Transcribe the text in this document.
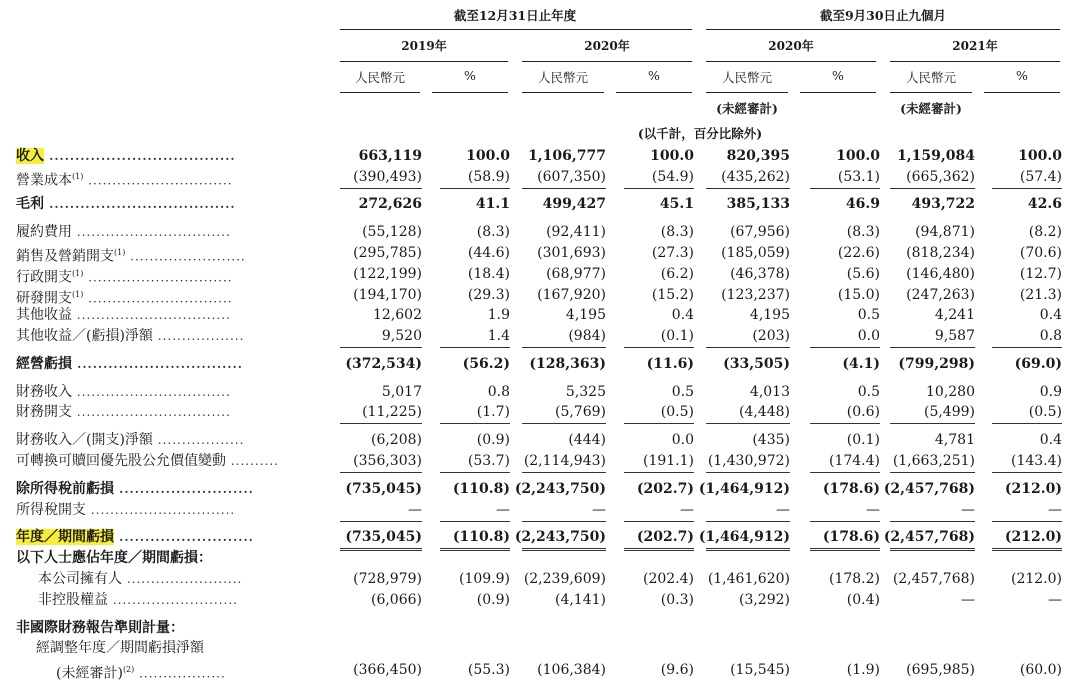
截至12月31日止年度	截至9月30日止九個月
2019年	2020年	2020年	2021年
人民幣元	%	人民幣元	%	人民幣元	%	人民幣元	%
(未經審計)	(未經審計)
(以千計，百分比除外)
收入 ....................................	663,119	100.0 1,106,777	100.0 820,395	100.0 1,159,084	100.0
營業成本$^{(1)}$ ..............................	(390,493)	(58.9) (607,350)	(54.9) (435,262)	(53.1) (665,362)	(57.4)
毛利 ....................................	272,626	41.1 499,427	45.1 385,133	46.9 493,722	42.6
履約費用 ................................	(55,128)	(8.3)	(92,411)	(8.3)	(67,956)	(8.3)	(94,871)	(8.2)
銷售及營銷開支$^{(1)}$ ........................	(295,785)	(44.6) (301,693)	(27.3) (185,059)	(22.6) (818,234)	(70.6)
行政開支$^{(1)}$ ..............................	(122,199)	(18.4)	(68,977)	(6.2)	(46,378)	(5.6) (146,480)	(12.7)
研發開支$^{(1)}$ ..............................	(194,170)	(29.3) (167,920)	(15.2) (123,237)	(15.0) (247,263)	(21.3)
其他收益 ................................	12,602	1.9	4,195	0.4	4,195	0.5	4,241	0.4
其他收益／(虧損)淨額 ..................	9,520	1.4	(984)	(0.1)	(203)	0.0	9,587	0.8
經營虧損 ................................	(372,534)	(56.2) (128,363)	(11.6) (33,505)	(4.1) (799,298)	(69.0)
財務收入 ................................	5,017	0.8	5,325	0.5	4,013	0.5	10,280	0.9
財務開支 ................................	(11,225)	(1.7)	(5,769)	(0.5)	(4,448)	(0.6)	(5,499)	(0.5)
財務收入／(開支)淨額 ..................	(6,208)	(0.9)	(444)	0.0	(435)	(0.1)	4,781	0.4
可轉換可贖回優先股公允價值變動 ..........	(356,303)	(53.7) (2,114,943)	(191.1) (1,430,972)	(174.4) (1,663,251)	(143.4)
除所得稅前虧損 ..........................	(735,045) (110.8) (2,243,750) (202.7) (1,464,912) (178.6) (2,457,768) (212.0)
所得稅開支 ..............................	—	—	—	—	—	—	—	—
年度／期間虧損 ..........................	(735,045) (110.8) (2,243,750) (202.7) (1,464,912) (178.6) (2,457,768) (212.0)
以下人士應佔年度／期間虧損：
本公司擁有人 ........................	(728,979)	(109.9) (2,239,609)	(202.4) (1,461,620)	(178.2) (2,457,768)	(212.0)
非控股權益 ..........................	(6,066)	(0.9)	(4,141)	(0.3)	(3,292)	(0.4)	—	—
非國際財務報告準則計量：
經調整年度／期間虧損淨額
(未經審計)$^{(2)}$ ..................	(366,450)	(55.3) (106,384)	(9.6)	(15,545)	(1.9) (695,985)	(60.0)
